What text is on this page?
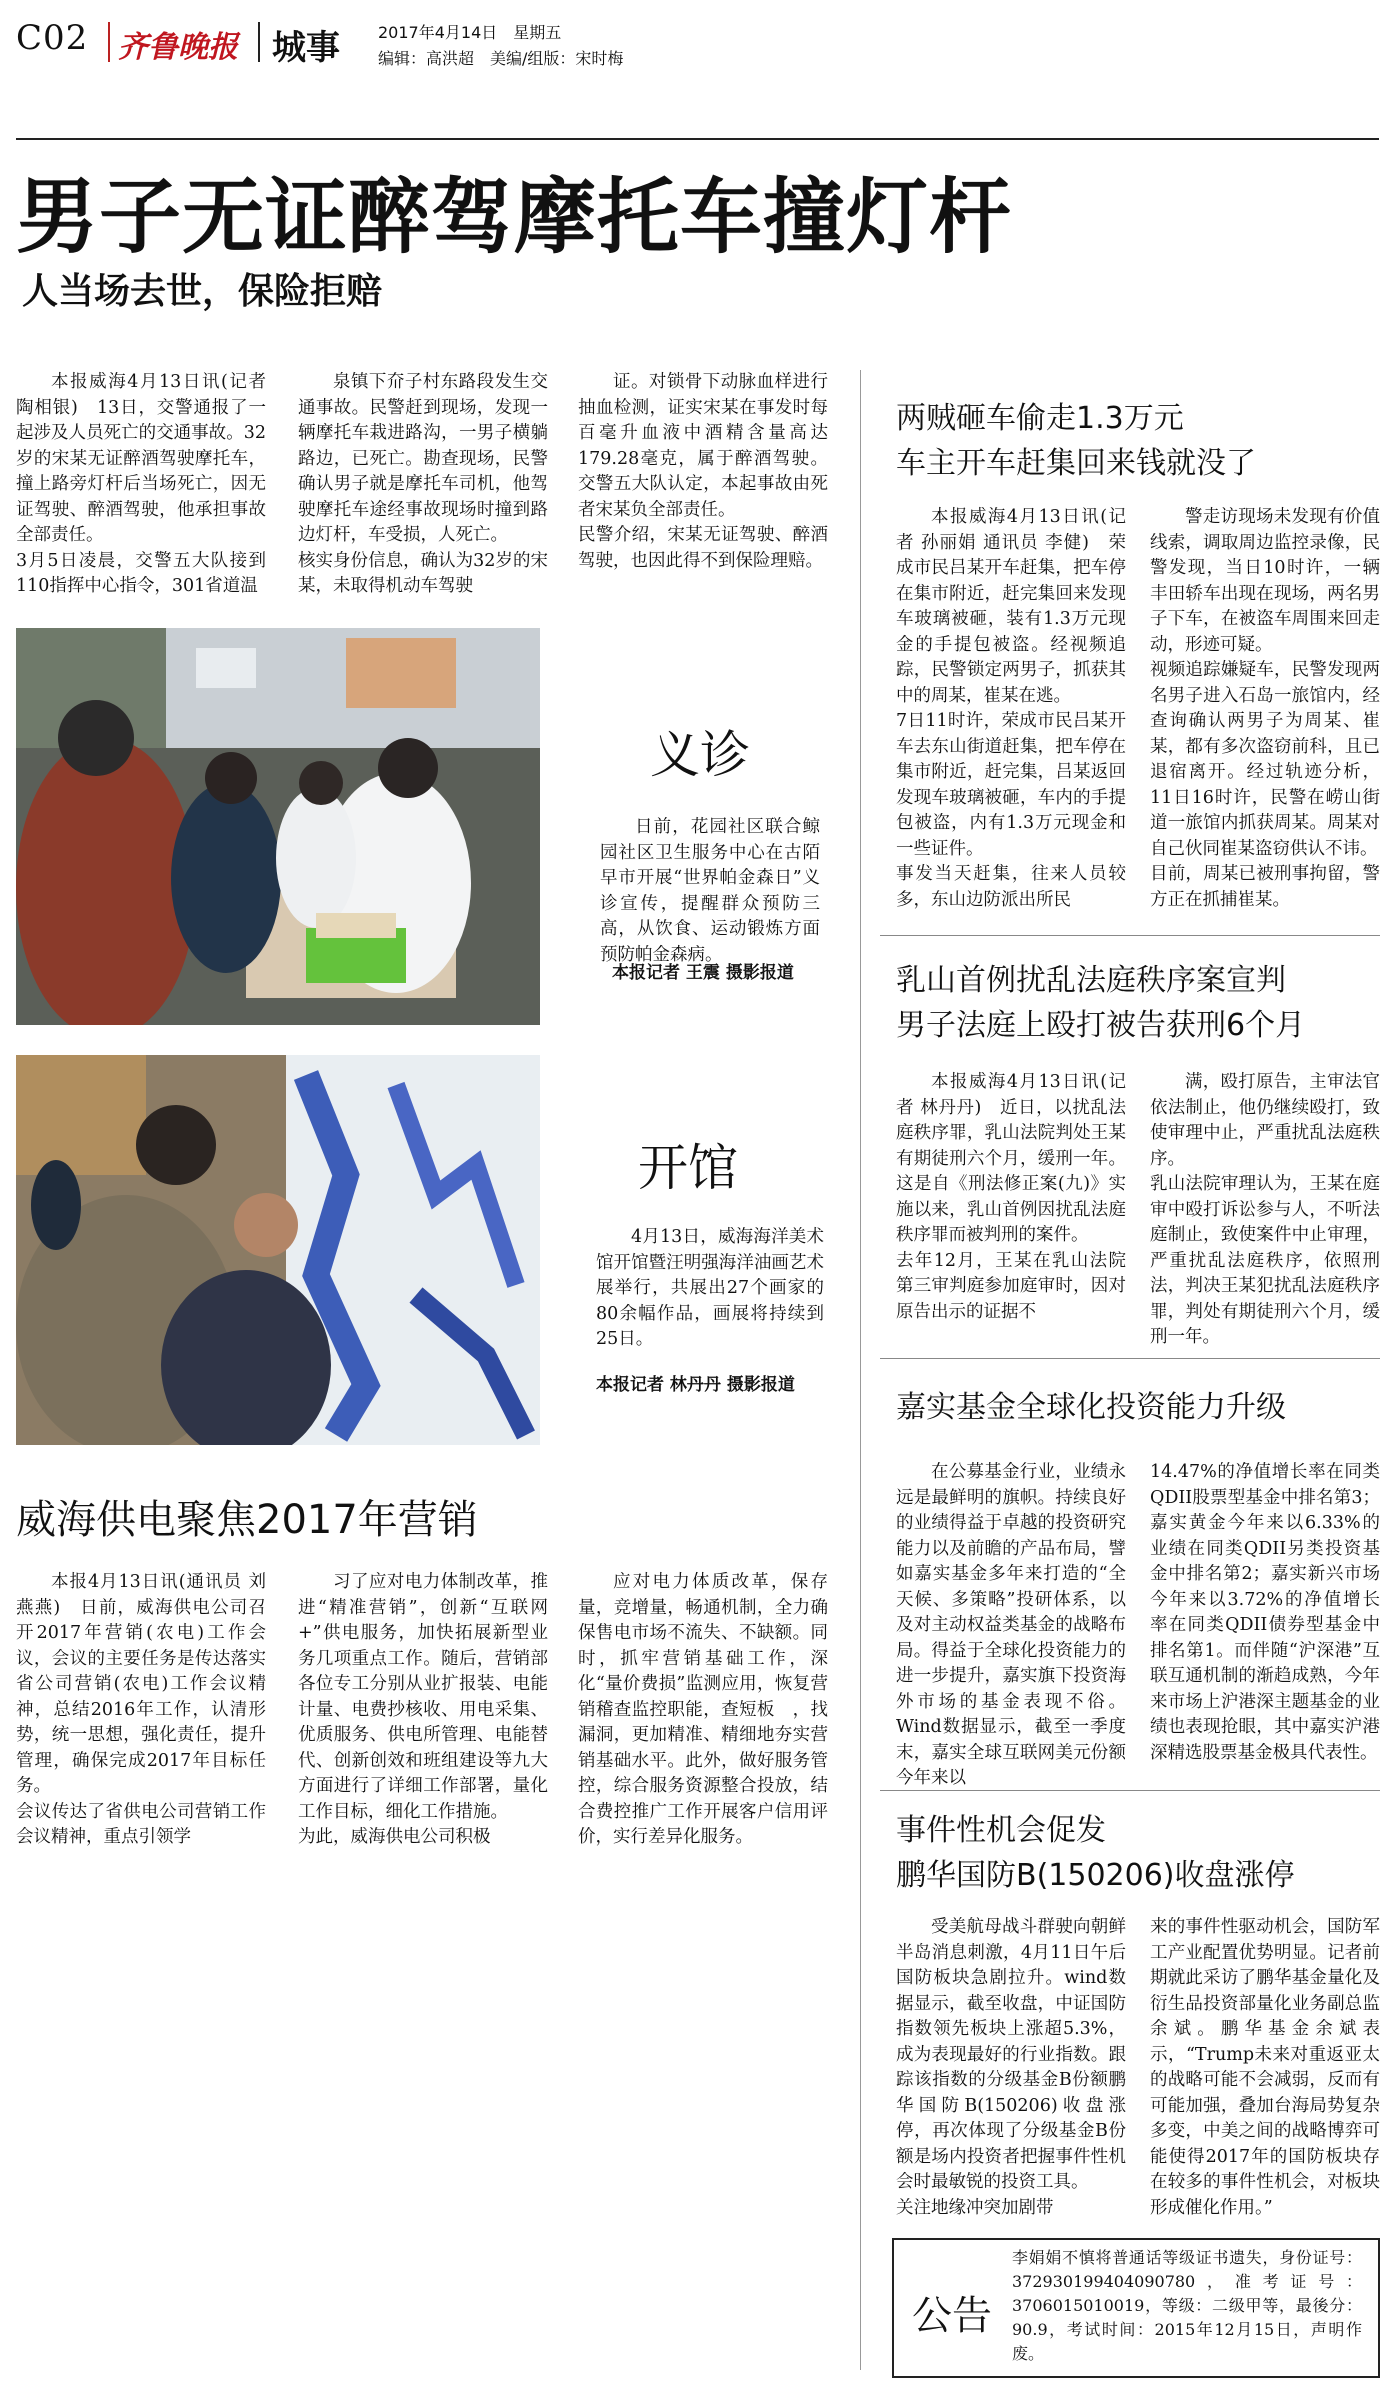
C02 齐鲁晚报 城事 2017年4月14日　星期五
编辑：高洪超　美编/组版：宋时梅
男子无证醉驾摩托车撞灯杆
人当场去世，保险拒赔

本报威海4月13日讯(记者 陶相银)　13日，交警通报了一起涉及人员死亡的交通事故。32岁的宋某无证醉酒驾驶摩托车，撞上路旁灯杆后当场死亡，因无证驾驶、醉酒驾驶，他承担事故全部责任。
3月5日凌晨，交警五大队接到110指挥中心指令，301省道温

泉镇下夼子村东路段发生交通事故。民警赶到现场，发现一辆摩托车栽进路沟，一男子横躺路边，已死亡。勘查现场，民警确认男子就是摩托车司机，他驾驶摩托车途经事故现场时撞到路边灯杆，车受损，人死亡。
核实身份信息，确认为32岁的宋某，未取得机动车驾驶

证。对锁骨下动脉血样进行抽血检测，证实宋某在事发时每百毫升血液中酒精含量高达179.28毫克，属于醉酒驾驶。交警五大队认定，本起事故由死者宋某负全部责任。
民警介绍，宋某无证驾驶、醉酒驾驶，也因此得不到保险理赔。

义诊

日前，花园社区联合鲸园社区卫生服务中心在古陌早市开展“世界帕金森日”义诊宣传，提醒群众预防三高，从饮食、运动锻炼方面预防帕金森病。

本报记者 王震 摄影报道
开馆

4月13日，威海海洋美术馆开馆暨汪明强海洋油画艺术展举行，共展出27个画家的80余幅作品，画展将持续到25日。

本报记者 林丹丹 摄影报道
威海供电聚焦2017年营销

本报4月13日讯(通讯员 刘燕燕)　日前，威海供电公司召开2017年营销(农电)工作会议，会议的主要任务是传达落实省公司营销(农电)工作会议精神，总结2016年工作，认清形势，统一思想，强化责任，提升管理，确保完成2017年目标任务。
会议传达了省供电公司营销工作会议精神，重点引领学

习了应对电力体制改革，推进“精准营销”，创新“互联网+”供电服务，加快拓展新型业务几项重点工作。随后，营销部各位专工分别从业扩报装、电能计量、电费抄核收、用电采集、优质服务、供电所管理、电能替代、创新创效和班组建设等九大方面进行了详细工作部署，量化工作目标，细化工作措施。
为此，威海供电公司积极

应对电力体质改革，保存量，竞增量，畅通机制，全力确保售电市场不流失、不缺额。同时，抓牢营销基础工作，深化“量价费损”监测应用，恢复营销稽查监控职能，查短板　，找漏洞，更加精准、精细地夯实营销基础水平。此外，做好服务管控，综合服务资源整合投放，结合费控推广工作开展客户信用评价，实行差异化服务。

两贼砸车偷走1.3万元
车主开车赶集回来钱就没了

本报威海4月13日讯(记者 孙丽娟 通讯员 李健)　荣成市民吕某开车赶集，把车停在集市附近，赶完集回来发现车玻璃被砸，装有1.3万元现金的手提包被盗。经视频追踪，民警锁定两男子，抓获其中的周某，崔某在逃。
7日11时许，荣成市民吕某开车去东山街道赶集，把车停在集市附近，赶完集，吕某返回发现车玻璃被砸，车内的手提包被盗，内有1.3万元现金和一些证件。
事发当天赶集，往来人员较多，东山边防派出所民

警走访现场未发现有价值线索，调取周边监控录像，民警发现，当日10时许，一辆丰田轿车出现在现场，两名男子下车，在被盗车周围来回走动，形迹可疑。
视频追踪嫌疑车，民警发现两名男子进入石岛一旅馆内，经查询确认两男子为周某、崔某，都有多次盗窃前科，且已退宿离开。经过轨迹分析，11日16时许，民警在崂山街道一旅馆内抓获周某。周某对自己伙同崔某盗窃供认不讳。
目前，周某已被刑事拘留，警方正在抓捕崔某。

乳山首例扰乱法庭秩序案宣判
男子法庭上殴打被告获刑6个月

本报威海4月13日讯(记者 林丹丹)　近日，以扰乱法庭秩序罪，乳山法院判处王某有期徒刑六个月，缓刑一年。这是自《刑法修正案(九)》实施以来，乳山首例因扰乱法庭秩序罪而被判刑的案件。
去年12月，王某在乳山法院第三审判庭参加庭审时，因对原告出示的证据不

满，殴打原告，主审法官依法制止，他仍继续殴打，致使审理中止，严重扰乱法庭秩序。
乳山法院审理认为，王某在庭审中殴打诉讼参与人，不听法庭制止，致使案件中止审理，严重扰乱法庭秩序，依照刑法，判决王某犯扰乱法庭秩序罪，判处有期徒刑六个月，缓刑一年。

嘉实基金全球化投资能力升级

在公募基金行业，业绩永远是最鲜明的旗帜。持续良好的业绩得益于卓越的投资研究能力以及前瞻的产品布局，譬如嘉实基金多年来打造的“全天候、多策略”投研体系，以及对主动权益类基金的战略布局。得益于全球化投资能力的进一步提升，嘉实旗下投资海外市场的基金表现不俗。Wind数据显示，截至一季度末，嘉实全球互联网美元份额今年来以

14.47%的净值增长率在同类QDII股票型基金中排名第3；嘉实黄金今年来以6.33%的业绩在同类QDII另类投资基金中排名第2；嘉实新兴市场今年来以3.72%的净值增长率在同类QDII债券型基金中排名第1。而伴随“沪深港”互联互通机制的渐趋成熟，今年来市场上沪港深主题基金的业绩也表现抢眼，其中嘉实沪港深精选股票基金极具代表性。

事件性机会促发
鹏华国防B(150206)收盘涨停

受美航母战斗群驶向朝鲜半岛消息刺激，4月11日午后国防板块急剧拉升。wind数据显示，截至收盘，中证国防指数领先板块上涨超5.3%，成为表现最好的行业指数。跟踪该指数的分级基金B份额鹏华国防B(150206)收盘涨停，再次体现了分级基金B份额是场内投资者把握事件性机会时最敏锐的投资工具。
关注地缘冲突加剧带

来的事件性驱动机会，国防军工产业配置优势明显。记者前期就此采访了鹏华基金量化及衍生品投资部量化业务副总监余斌。鹏华基金余斌表示，“Trump未来对重返亚太的战略可能不会减弱，反而有可能加强，叠加台海局势复杂多变，中美之间的战略博弈可能使得2017年的国防板块存在较多的事件性机会，对板块形成催化作用。”

公告

李娟娟不慎将普通话等级证书遗失，身份证号：372930199404090780，准考证号：3706015010019，等级：二级甲等，最後分：90.9，考试时间：2015年12月15日，声明作废。
